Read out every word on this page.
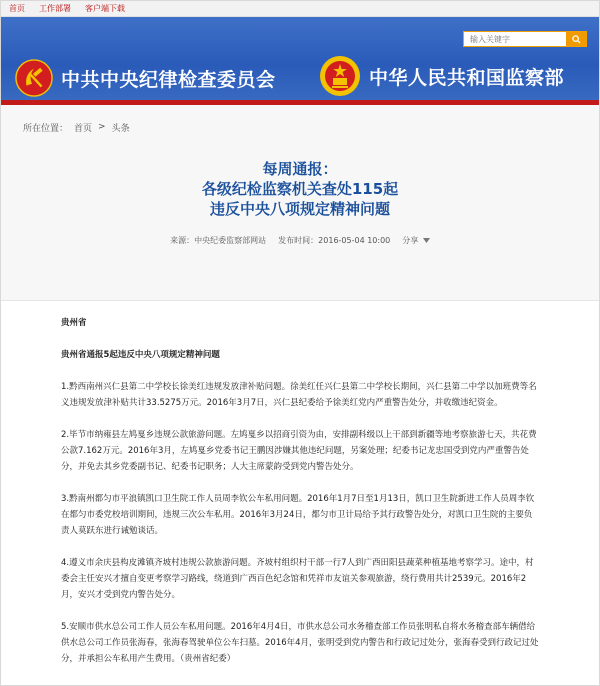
首页 工作部署 客户端下载
输入关键字
中共中央纪律检查委员会	中华人民共和国监察部
所在位置： 首页 > 头条
每周通报：
各级纪检监察机关查处115起
违反中央八项规定精神问题
来源：中央纪委监察部网站 发布时间：2016-05-04 10:00 分享

贵州省

贵州省通报5起违反中央八项规定精神问题

1.黔西南州兴仁县第二中学校长徐美红违规发放津补贴问题。徐美红任兴仁县第二中学校长期间，兴仁县第二中学以加班费等名义违规发放津补贴共计33.5275万元。2016年3月7日，兴仁县纪委给予徐美红党内严重警告处分，并收缴违纪资金。

2.毕节市纳雍县左鸠戛乡违规公款旅游问题。左鸠戛乡以招商引资为由，安排副科级以上干部到新疆等地考察旅游七天，共花费公款7.162万元。2016年3月，左鸠戛乡党委书记王鹏因涉嫌其他违纪问题，另案处理；纪委书记龙忠国受到党内严重警告处分，并免去其乡党委副书记、纪委书记职务；人大主席蒙韵受到党内警告处分。

3.黔南州都匀市平浪镇凯口卫生院工作人员周李钦公车私用问题。2016年1月7日至1月13日，凯口卫生院新进工作人员周李钦在都匀市委党校培训期间，违规三次公车私用。2016年3月24日，都匀市卫计局给予其行政警告处分，对凯口卫生院的主要负责人莫跃东进行诫勉谈话。

4.遵义市余庆县构皮滩镇齐坡村违规公款旅游问题。齐坡村组织村干部一行7人到广西田阳县蔬菜种植基地考察学习。途中，村委会主任安兴才擅自变更考察学习路线，绕道到广西百色纪念馆和凭祥市友谊关参观旅游，绕行费用共计2539元。2016年2月，安兴才受到党内警告处分。

5.安顺市供水总公司工作人员公车私用问题。2016年4月4日，市供水总公司水务稽查部工作员张明私自将水务稽查部车辆借给供水总公司工作员张海春，张海春驾驶单位公车扫墓。2016年4月，张明受到党内警告和行政记过处分，张海春受到行政记过处分，并承担公车私用产生费用。（贵州省纪委）
